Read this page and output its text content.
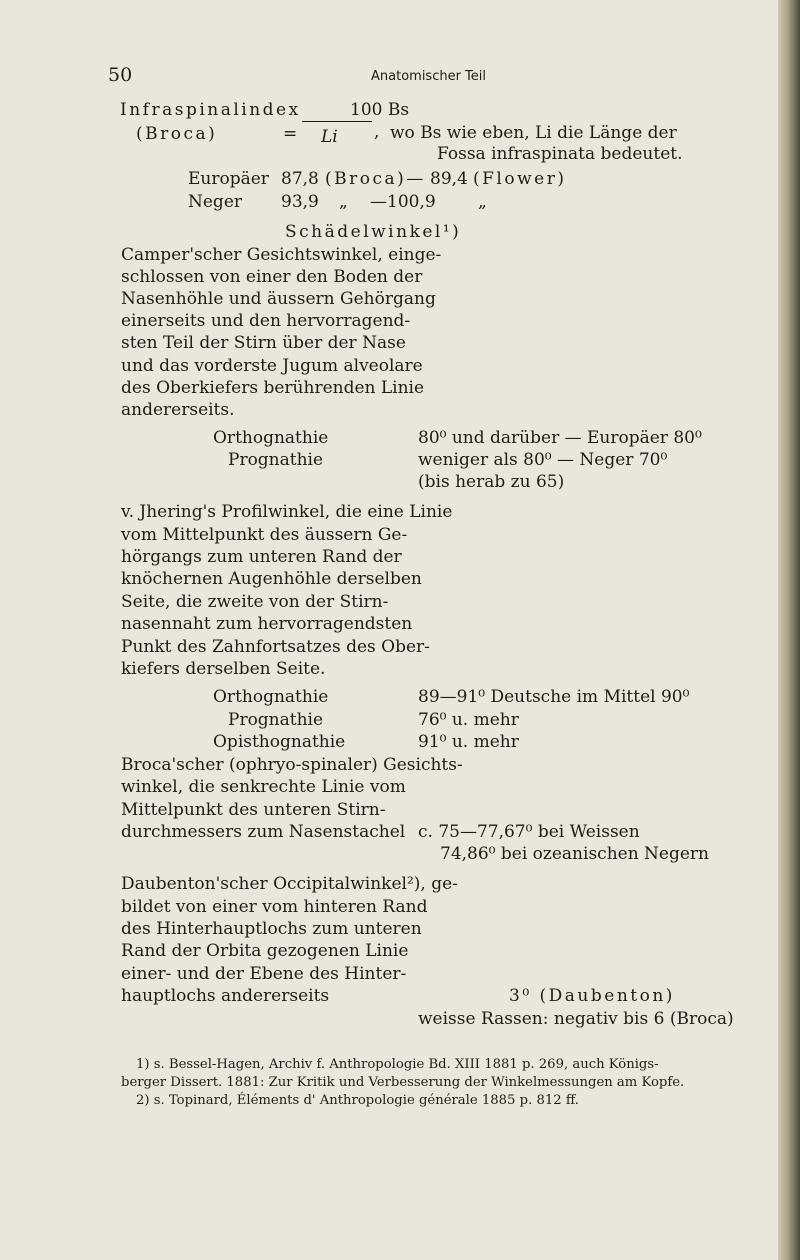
50	Anatomischer Teil
Infraspinalindex
(Broca)
100 Bs
= Li , wo Bs wie eben, Li die Länge der
Fossa infraspinata bedeutet.
Europäer 87,8 (Broca)— 89,4 (Flower)
Neger 93,9 „ —100,9 „
Schädelwinkel¹)
Camper'scher Gesichtswinkel, einge-
schlossen von einer den Boden der
Nasenhöhle und äussern Gehörgang
einerseits und den hervorragend-
sten Teil der Stirn über der Nase
und das vorderste Jugum alveolare
des Oberkiefers berührenden Linie
andererseits.
Orthognathie	80⁰ und darüber — Europäer 80⁰
Prognathie	weniger als 80⁰ — Neger 70⁰
(bis herab zu 65)
v. Jhering's Profilwinkel, die eine Linie
vom Mittelpunkt des äussern Ge-
hörgangs zum unteren Rand der
knöchernen Augenhöhle derselben
Seite, die zweite von der Stirn-
nasennaht zum hervorragendsten
Punkt des Zahnfortsatzes des Ober-
kiefers derselben Seite.
Orthognathie	89—91⁰ Deutsche im Mittel 90⁰
Prognathie	76⁰ u. mehr
Opisthognathie	91⁰ u. mehr
Broca'scher (ophryo-spinaler) Gesichts-
winkel, die senkrechte Linie vom
Mittelpunkt des unteren Stirn-
durchmessers zum Nasenstachel c. 75—77,67⁰ bei Weissen
74,86⁰ bei ozeanischen Negern
Daubenton'scher Occipitalwinkel²), ge-
bildet von einer vom hinteren Rand
des Hinterhauptlochs zum unteren
Rand der Orbita gezogenen Linie
einer- und der Ebene des Hinter-
hauptlochs andererseits	3⁰ (Daubenton)
weisse Rassen: negativ bis 6 (Broca)
1) s. Bessel-Hagen, Archiv f. Anthropologie Bd. XIII 1881 p. 269, auch Königs-
berger Dissert. 1881: Zur Kritik und Verbesserung der Winkelmessungen am Kopfe.
2) s. Topinard, Éléments d' Anthropologie générale 1885 p. 812 ff.
